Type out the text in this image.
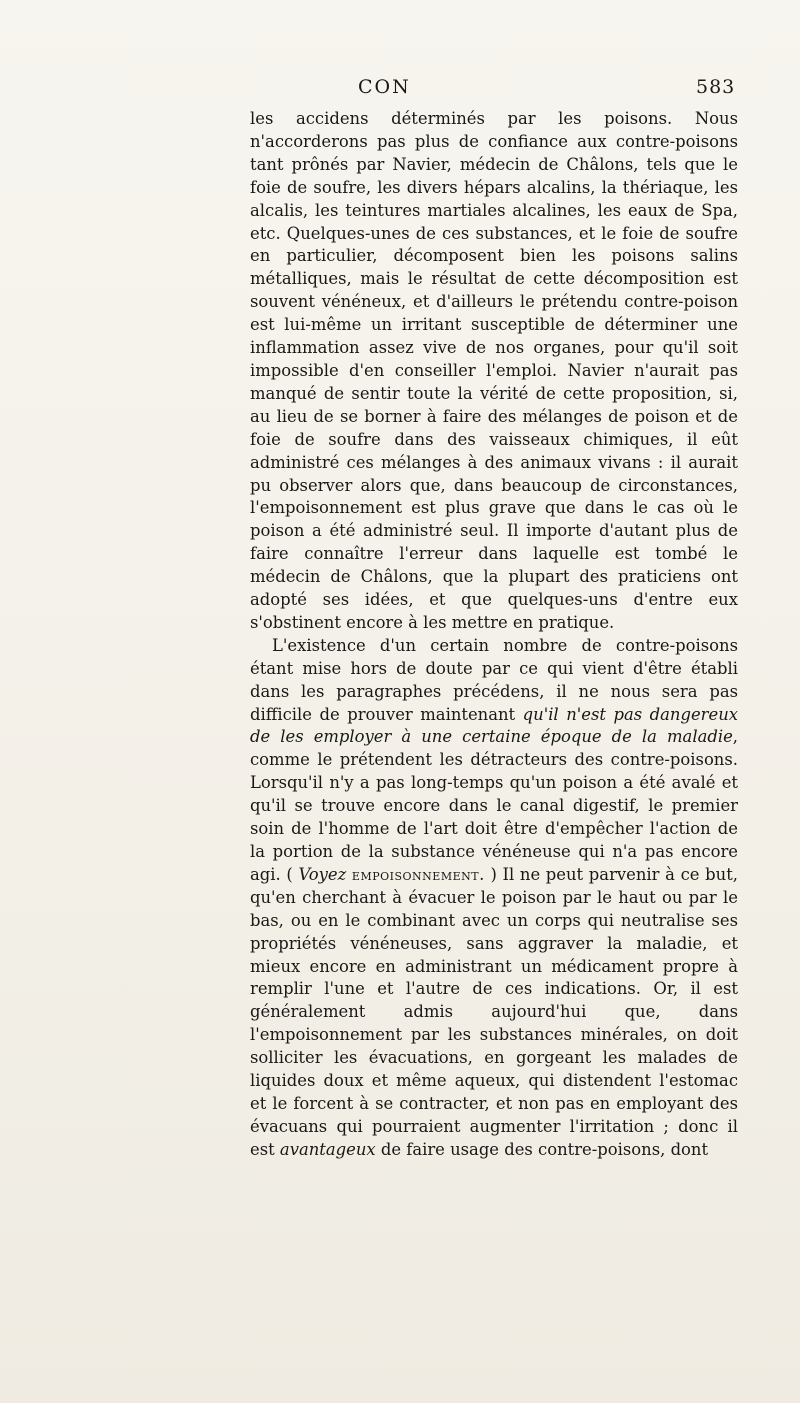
CON	583

les accidens déterminés par les poisons. Nous n'accorderons pas plus de confiance aux contre-poisons tant prônés par Navier, médecin de Châlons, tels que le foie de soufre, les divers hépars alcalins, la thériaque, les alcalis, les teintures martiales alcalines, les eaux de Spa, etc. Quelques-unes de ces substances, et le foie de soufre en particulier, décomposent bien les poisons salins métalliques, mais le résultat de cette décomposition est souvent vénéneux, et d'ailleurs le prétendu contre-poison est lui-même un irritant susceptible de déterminer une inflammation assez vive de nos organes, pour qu'il soit impossible d'en conseiller l'emploi. Navier n'aurait pas manqué de sentir toute la vérité de cette proposition, si, au lieu de se borner à faire des mélanges de poison et de foie de soufre dans des vaisseaux chimiques, il eût administré ces mélanges à des animaux vivans : il aurait pu observer alors que, dans beaucoup de circonstances, l'empoisonnement est plus grave que dans le cas où le poison a été administré seul. Il importe d'autant plus de faire connaître l'erreur dans laquelle est tombé le médecin de Châlons, que la plupart des praticiens ont adopté ses idées, et que quelques-uns d'entre eux s'obstinent encore à les mettre en pratique.

L'existence d'un certain nombre de contre-poisons étant mise hors de doute par ce qui vient d'être établi dans les paragraphes précédens, il ne nous sera pas difficile de prouver maintenant qu'il n'est pas dangereux de les employer à une certaine époque de la maladie, comme le prétendent les détracteurs des contre-poisons. Lorsqu'il n'y a pas long-temps qu'un poison a été avalé et qu'il se trouve encore dans le canal digestif, le premier soin de l'homme de l'art doit être d'empêcher l'action de la portion de la substance vénéneuse qui n'a pas encore agi. ( Voyez empoisonnement. ) Il ne peut parvenir à ce but, qu'en cherchant à évacuer le poison par le haut ou par le bas, ou en le combinant avec un corps qui neutralise ses propriétés vénéneuses, sans aggraver la maladie, et mieux encore en administrant un médicament propre à remplir l'une et l'autre de ces indications. Or, il est généralement admis aujourd'hui que, dans l'empoisonnement par les substances minérales, on doit solliciter les évacuations, en gorgeant les malades de liquides doux et même aqueux, qui distendent l'estomac et le forcent à se contracter, et non pas en employant des évacuans qui pourraient augmenter l'irritation ; donc il est avantageux de faire usage des contre-poisons, dont
